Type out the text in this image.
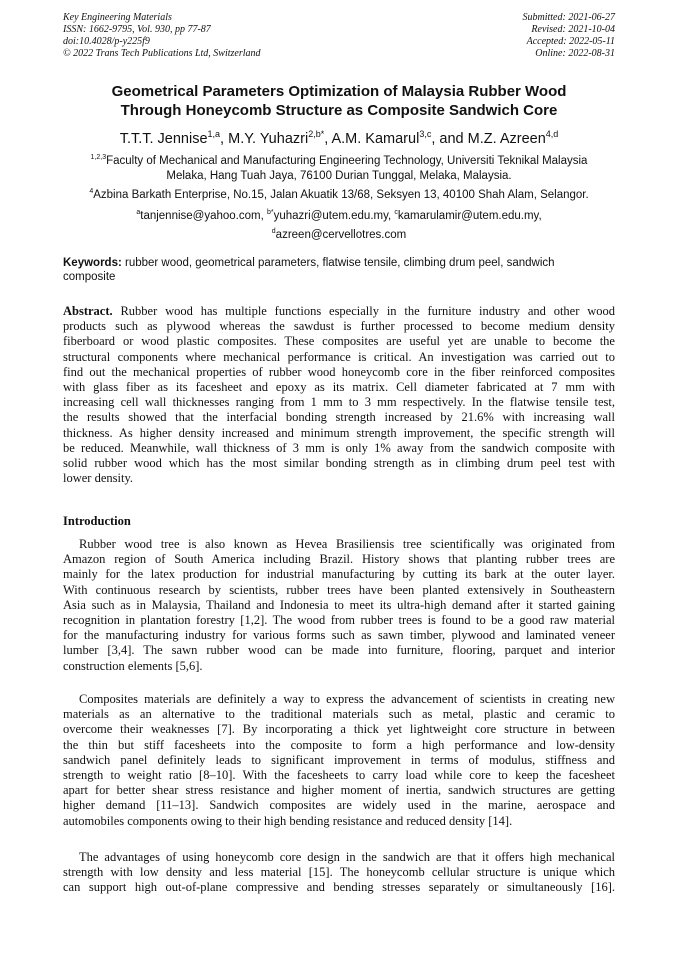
Key Engineering Materials
ISSN: 1662-9795, Vol. 930, pp 77-87
doi:10.4028/p-y225f9
© 2022 Trans Tech Publications Ltd, Switzerland
Submitted: 2021-06-27
Revised: 2021-10-04
Accepted: 2022-05-11
Online: 2022-08-31
Geometrical Parameters Optimization of Malaysia Rubber Wood
Through Honeycomb Structure as Composite Sandwich Core
T.T.T. Jennise$^{1,a}$, M.Y. Yuhazri$^{2,b*}$, A.M. Kamarul$^{3,c}$, and M.Z. Azreen$^{4,d}$
$^{1,2,3}$Faculty of Mechanical and Manufacturing Engineering Technology, Universiti Teknikal Malaysia
Melaka, Hang Tuah Jaya, 76100 Durian Tunggal, Melaka, Malaysia.
$^4$Azbina Barkath Enterprise, No.15, Jalan Akuatik 13/68, Seksyen 13, 40100 Shah Alam, Selangor.
$^a$tanjennise@yahoo.com, $^{b*}$yuhazri@utem.edu.my, $^c$kamarulamir@utem.edu.my,
$^d$azreen@cervellotres.com
Keywords: rubber wood, geometrical parameters, flatwise tensile, climbing drum peel, sandwich
composite
Abstract. Rubber wood has multiple functions especially in the furniture industry and other wood
products such as plywood whereas the sawdust is further processed to become medium density
fiberboard or wood plastic composites. These composites are useful yet are unable to become the
structural components where mechanical performance is critical. An investigation was carried out to
find out the mechanical properties of rubber wood honeycomb core in the fiber reinforced composites
with glass fiber as its facesheet and epoxy as its matrix. Cell diameter fabricated at 7 mm with
increasing cell wall thicknesses ranging from 1 mm to 3 mm respectively. In the flatwise tensile test,
the results showed that the interfacial bonding strength increased by 21.6% with increasing wall
thickness. As higher density increased and minimum strength improvement, the specific strength will
be reduced. Meanwhile, wall thickness of 3 mm is only 1% away from the sandwich composite with
solid rubber wood which has the most similar bonding strength as in climbing drum peel test with
lower density.
Introduction
Rubber wood tree is also known as Hevea Brasiliensis tree scientifically was originated from
Amazon region of South America including Brazil. History shows that planting rubber trees are
mainly for the latex production for industrial manufacturing by cutting its bark at the outer layer.
With continuous research by scientists, rubber trees have been planted extensively in Southeastern
Asia such as in Malaysia, Thailand and Indonesia to meet its ultra-high demand after it started gaining
recognition in plantation forestry [1,2]. The wood from rubber trees is found to be a good raw material
for the manufacturing industry for various forms such as sawn timber, plywood and laminated veneer
lumber [3,4]. The sawn rubber wood can be made into furniture, flooring, parquet and interior
construction elements [5,6].
Composites materials are definitely a way to express the advancement of scientists in creating new
materials as an alternative to the traditional materials such as metal, plastic and ceramic to
overcome their weaknesses [7]. By incorporating a thick yet lightweight core structure in between
the thin but stiff facesheets into the composite to form a high performance and low-density
sandwich panel definitely leads to significant improvement in terms of modulus, stiffness and
strength to weight ratio [8–10]. With the facesheets to carry load while core to keep the facesheet
apart for better shear stress resistance and higher moment of inertia, sandwich structures are getting
higher demand [11–13]. Sandwich composites are widely used in the marine, aerospace and
automobiles components owing to their high bending resistance and reduced density [14].
The advantages of using honeycomb core design in the sandwich are that it offers high mechanical
strength with low density and less material [15]. The honeycomb cellular structure is unique which
can support high out-of-plane compressive and bending stresses separately or simultaneously [16].
